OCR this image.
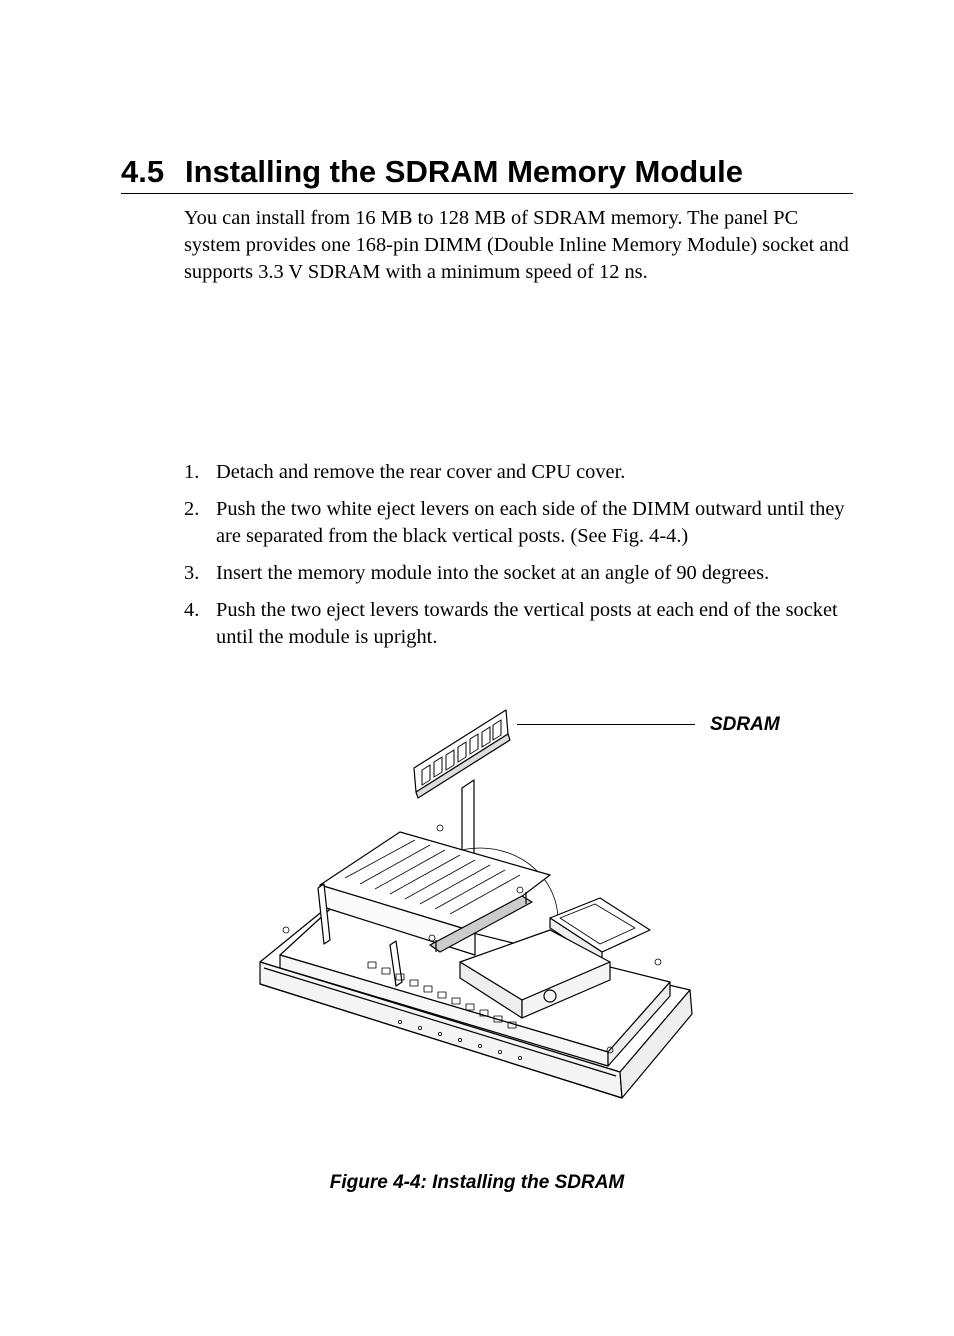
4.5 Installing the SDRAM Memory Module

You can install from 16 MB to 128 MB of SDRAM memory. The panel PC system provides one 168-pin DIMM (Double Inline Memory Module) socket and supports 3.3 V SDRAM with a minimum speed of 12 ns.

1. Detach and remove the rear cover and CPU cover.
2. Push the two white eject levers on each side of the DIMM outward until they are separated from the black vertical posts. (See Fig. 4-4.)
3. Insert the memory module into the socket at an angle of 90 degrees.
4. Push the two eject levers towards the vertical posts at each end of the socket until the module is upright.
SDRAM
Figure 4-4: Installing the SDRAM
